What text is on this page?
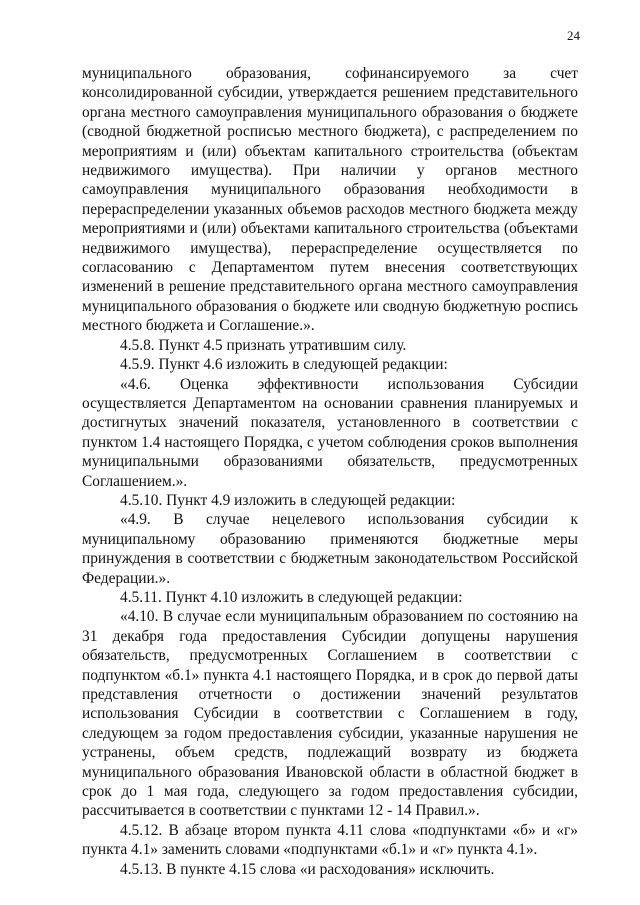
24

муниципального образования, софинансируемого за счет консолидированной субсидии, утверждается решением представительного органа местного самоуправления муниципального образования о бюджете (сводной бюджетной росписью местного бюджета), с распределением по мероприятиям и (или) объектам капитального строительства (объектам недвижимого имущества). При наличии у органов местного самоуправления муниципального образования необходимости в перераспределении указанных объемов расходов местного бюджета между мероприятиями и (или) объектами капитального строительства (объектами недвижимого имущества), перераспределение осуществляется по согласованию с Департаментом путем внесения соответствующих изменений в решение представительного органа местного самоуправления муниципального образования о бюджете или сводную бюджетную роспись местного бюджета и Соглашение.».

4.5.8. Пункт 4.5 признать утратившим силу.

4.5.9. Пункт 4.6 изложить в следующей редакции:

«4.6. Оценка эффективности использования Субсидии осуществляется Департаментом на основании сравнения планируемых и достигнутых значений показателя, установленного в соответствии с пунктом 1.4 настоящего Порядка, с учетом соблюдения сроков выполнения муниципальными образованиями обязательств, предусмотренных Соглашением.».

4.5.10. Пункт 4.9 изложить в следующей редакции:

«4.9. В случае нецелевого использования субсидии к муниципальному образованию применяются бюджетные меры принуждения в соответствии с бюджетным законодательством Российской Федерации.».

4.5.11. Пункт 4.10 изложить в следующей редакции:

«4.10. В случае если муниципальным образованием по состоянию на 31 декабря года предоставления Субсидии допущены нарушения обязательств, предусмотренных Соглашением в соответствии с подпунктом «б.1» пункта 4.1 настоящего Порядка, и в срок до первой даты представления отчетности о достижении значений результатов использования Субсидии в соответствии с Соглашением в году, следующем за годом предоставления субсидии, указанные нарушения не устранены, объем средств, подлежащий возврату из бюджета муниципального образования Ивановской области в областной бюджет в срок до 1 мая года, следующего за годом предоставления субсидии, рассчитывается в соответствии с пунктами 12 - 14 Правил.».

4.5.12. В абзаце втором пункта 4.11 слова «подпунктами «б» и «г» пункта 4.1» заменить словами «подпунктами «б.1» и «г» пункта 4.1».

4.5.13. В пункте 4.15 слова «и расходования» исключить.
